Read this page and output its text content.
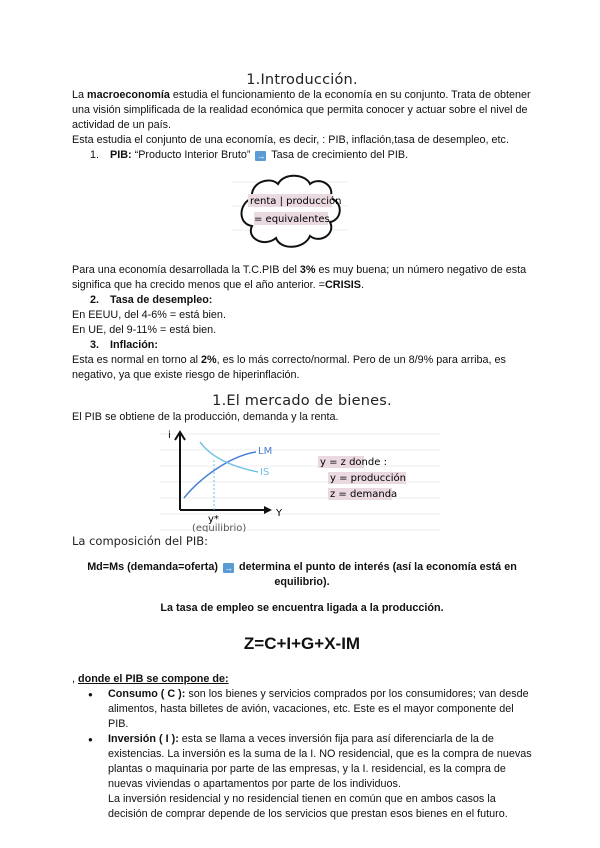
1.Introducción.

La macroeconomía estudia el funcionamiento de la economía en su conjunto. Trata de obtener una visión simplificada de la realidad económica que permita conocer y actuar sobre el nivel de actividad de un país.

Esta estudia el conjunto de una economía, es decir, : PIB, inflación,tasa de desempleo, etc.

1.	PIB: “Producto Interior Bruto” → Tasa de crecimiento del PIB.
renta | producción
= equivalentes

Para una economía desarrollada la T.C.PIB del 3% es muy buena; un número negativo de esta significa que ha crecido menos que el año anterior. =CRISIS.

2.	Tasa de desempleo:

En EEUU, del 4-6% = está bien.

En UE, del 9-11% = está bien.

3.	Inflación:

Esta es normal en torno al 2%, es lo más correcto/normal. Pero de un 8/9% para arriba, es negativo, ya que existe riesgo de hiperinflación.

1.El mercado de bienes.

El PIB se obtiene de la producción, demanda y la renta.

i
Y
LM
IS
y*
(equilibrio)
y = z donde :
y = producción
z = demanda

La composición del PIB:

Md=Ms (demanda=oferta) → determina el punto de interés (así la economía está en equilibrio).

La tasa de empleo se encuentra ligada a la producción.

Z=C+I+G+X-IM

, donde el PIB se compone de:

● Consumo ( C ): son los bienes y servicios comprados por los consumidores; van desde alimentos, hasta billetes de avión, vacaciones, etc. Este es el mayor componente del PIB.
● Inversión ( I ): esta se llama a veces inversión fija para así diferenciarla de la de existencias. La inversión es la suma de la I. NO residencial, que es la compra de nuevas plantas o maquinaria por parte de las empresas, y la I. residencial, es la compra de nuevas viviendas o apartamentos por parte de los individuos.
La inversión residencial y no residencial tienen en común que en ambos casos la decisión de comprar depende de los servicios que prestan esos bienes en el futuro.
